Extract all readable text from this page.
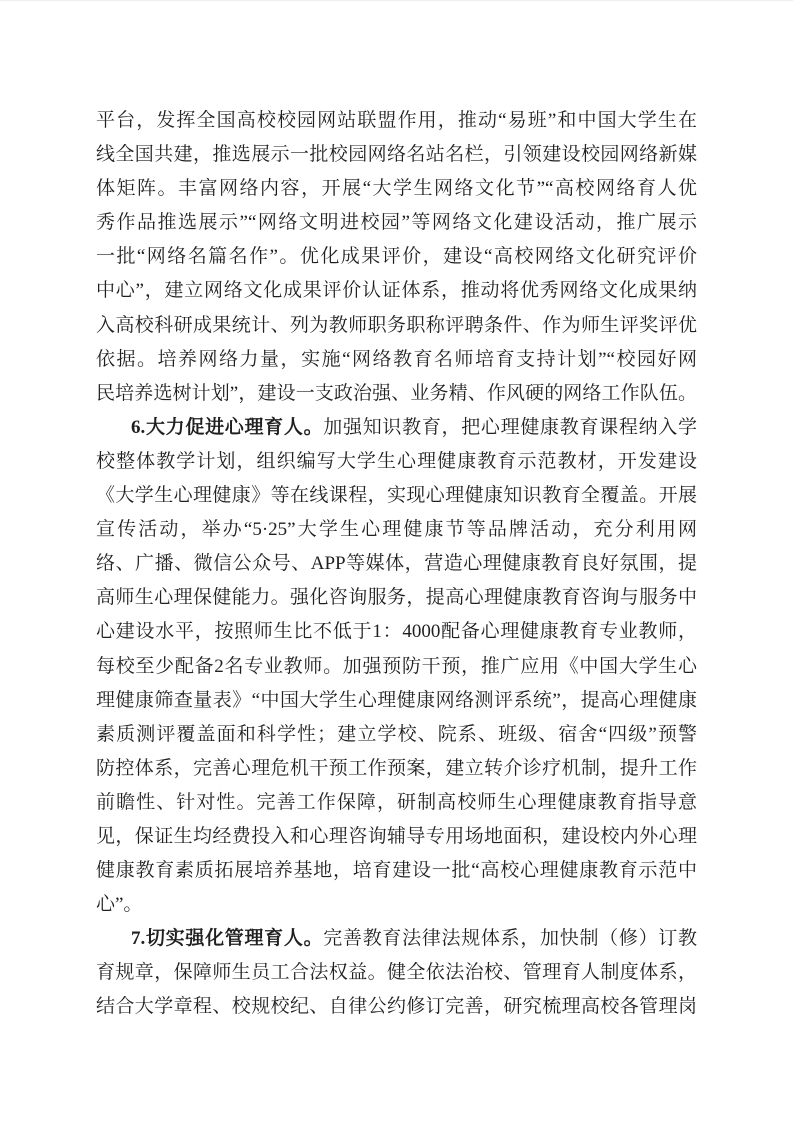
平台，发挥全国高校校园网站联盟作用，推动“易班”和中国大学生在
线全国共建，推选展示一批校园网络名站名栏，引领建设校园网络新媒
体矩阵。丰富网络内容，开展“大学生网络文化节”“高校网络育人优
秀作品推选展示”“网络文明进校园”等网络文化建设活动，推广展示
一批“网络名篇名作”。优化成果评价，建设“高校网络文化研究评价
中心”，建立网络文化成果评价认证体系，推动将优秀网络文化成果纳
入高校科研成果统计、列为教师职务职称评聘条件、作为师生评奖评优
依据。培养网络力量，实施“网络教育名师培育支持计划”“校园好网
民培养选树计划”，建设一支政治强、业务精、作风硬的网络工作队伍。
6.大力促进心理育人。加强知识教育，把心理健康教育课程纳入学
校整体教学计划，组织编写大学生心理健康教育示范教材，开发建设
《大学生心理健康》等在线课程，实现心理健康知识教育全覆盖。开展
宣传活动，举办“5·25”大学生心理健康节等品牌活动，充分利用网
络、广播、微信公众号、APP等媒体，营造心理健康教育良好氛围，提
高师生心理保健能力。强化咨询服务，提高心理健康教育咨询与服务中
心建设水平，按照师生比不低于1：4000配备心理健康教育专业教师，
每校至少配备2名专业教师。加强预防干预，推广应用《中国大学生心
理健康筛查量表》“中国大学生心理健康网络测评系统”，提高心理健康
素质测评覆盖面和科学性；建立学校、院系、班级、宿舍“四级”预警
防控体系，完善心理危机干预工作预案，建立转介诊疗机制，提升工作
前瞻性、针对性。完善工作保障，研制高校师生心理健康教育指导意
见，保证生均经费投入和心理咨询辅导专用场地面积，建设校内外心理
健康教育素质拓展培养基地，培育建设一批“高校心理健康教育示范中
心”。
7.切实强化管理育人。完善教育法律法规体系，加快制（修）订教
育规章，保障师生员工合法权益。健全依法治校、管理育人制度体系，
结合大学章程、校规校纪、自律公约修订完善，研究梳理高校各管理岗
